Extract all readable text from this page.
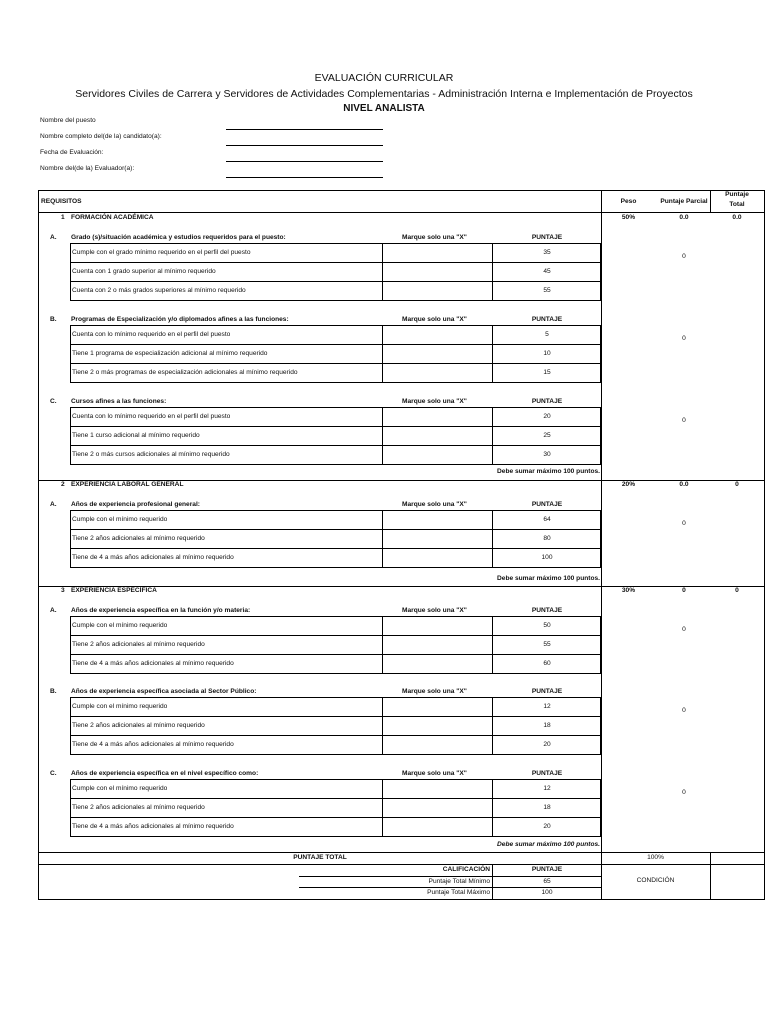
EVALUACIÓN CURRICULAR
Servidores Civiles de Carrera y Servidores de Actividades Complementarias - Administración Interna e Implementación de Proyectos
NIVEL ANALISTA
Nombre del puesto
Nombre completo del(de la) candidato(a):
Fecha de Evaluación:
Nombre del(de la) Evaluador(a):
REQUISITOS	Peso	Puntaje Parcial
Puntaje
Total
1 FORMACIÓN ACADÉMICA	50%	0.0	0.0
A. Grado (s)/situación académica y estudios requeridos para el puesto:	Marque solo una "X"	PUNTAJE
0
Cumple con el grado mínimo requerido en el perfil del puesto	35
Cuenta con 1 grado superior al mínimo requerido	45
Cuenta con 2 o más grados superiores al mínimo requerido	55
B. Programas de Especialización y/o diplomados afines a las funciones:	Marque solo una "X"	PUNTAJE
0
Cuenta con lo mínimo requerido en el perfil del puesto	5
Tiene 1 programa de especialización adicional al mínimo requerido	10
Tiene 2 o más programas de especialización adicionales al mínimo requerido	15
C. Cursos afines a las funciones:	Marque solo una "X"	PUNTAJE
0
Cuenta con lo mínimo requerido en el perfil del puesto	20
Tiene 1 curso adicional al mínimo requerido	25
Tiene 2 o más cursos adicionales al mínimo requerido	30
Debe sumar máximo 100 puntos.
2 EXPERIENCIA LABORAL GENERAL	20%	0.0	0
A. Años de experiencia profesional general:	Marque solo una "X"	PUNTAJE
0
Cumple con el mínimo requerido	64
Tiene 2 años adicionales al mínimo requerido	80
Tiene de 4 a más años adicionales al mínimo requerido	100
Debe sumar máximo 100 puntos.
3 EXPERIENCIA ESPECÍFICA	30%	0	0
A. Años de experiencia específica en la función y/o materia:	Marque solo una "X"	PUNTAJE
0
Cumple con el mínimo requerido	50
Tiene 2 años adicionales al mínimo requerido	55
Tiene de 4 a más años adicionales al mínimo requerido	60
B. Años de experiencia específica asociada al Sector Público:	Marque solo una "X"	PUNTAJE
0
Cumple con el mínimo requerido	12
Tiene 2 años adicionales al mínimo requerido	18
Tiene de 4 a más años adicionales al mínimo requerido	20
C. Años de experiencia específica en el nivel específico como:	Marque solo una "X"	PUNTAJE
0
Cumple con el mínimo requerido	12
Tiene 2 años adicionales al mínimo requerido	18
Tiene de 4 a más años adicionales al mínimo requerido	20
Debe sumar máximo 100 puntos.
PUNTAJE TOTAL	100%
CALIFICACIÓN	PUNTAJE
Puntaje Total Mínimo	65
Puntaje Total Máximo	100
CONDICIÓN
